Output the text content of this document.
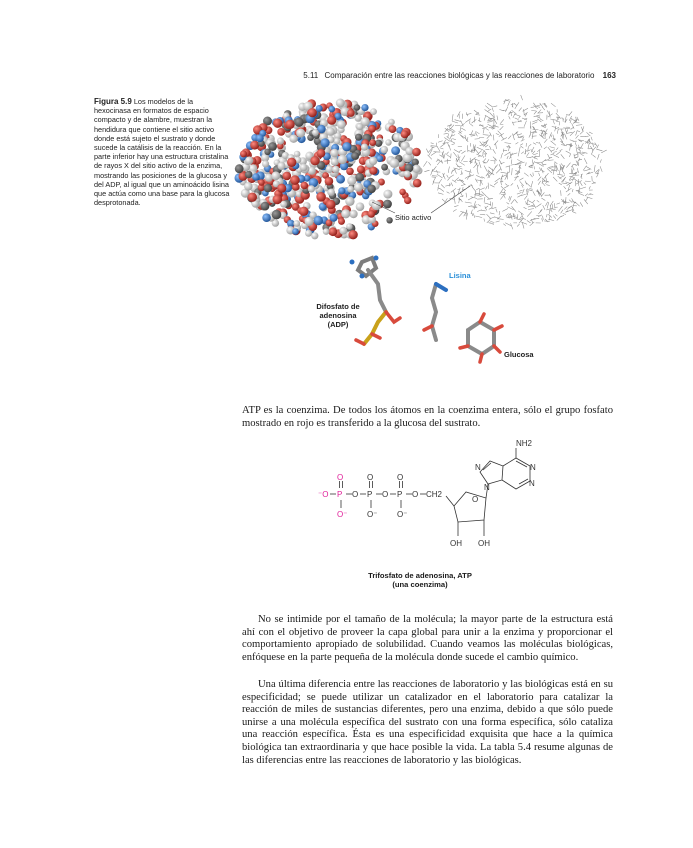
5.11 Comparación entre las reacciones biológicas y las reacciones de laboratorio 163
Figura 5.9 Los modelos de la hexocinasa en formatos de espacio compacto y de alambre, muestran la hendidura que contiene el sitio activo donde está sujeto el sustrato y donde sucede la catálisis de la reacción. En la parte inferior hay una estructura cristalina de rayos X del sitio activo de la enzima, mostrando las posiciones de la glucosa y del ADP, al igual que un aminoácido lisina que actúa como una base para la glucosa desprotonada.
Sitio activo
Difosfato de
adenosina
(ADP)
Lisina
Glucosa

ATP es la coenzima. De todos los átomos en la coenzima entera, sólo el grupo fosfato mostrado en rojo es transferido a la glucosa del sustrato.

NH2
N
N
N
N
O
CH2
OH OH
O P
O
O⁻
O P
O
O⁻
O
⁻O P
O
O⁻
Trifosfato de adenosina, ATP
(una coenzima)

No se intimide por el tamaño de la molécula; la mayor parte de la estructura está ahí con el objetivo de proveer la capa global para unir a la enzima y proporcionar el comportamiento apropiado de solubilidad. Cuando veamos las moléculas biológicas, enfóquese en la parte pequeña de la molécula donde sucede el cambio químico.

Una última diferencia entre las reacciones de laboratorio y las biológicas está en su especificidad; se puede utilizar un catalizador en el laboratorio para catalizar la reacción de miles de sustancias diferentes, pero una enzima, debido a que sólo puede unirse a una molécula específica del sustrato con una forma específica, sólo cataliza una reacción específica. Ésta es una especificidad exquisita que hace a la química biológica tan extraordinaria y que hace posible la vida. La tabla 5.4 resume algunas de las diferencias entre las reacciones de laboratorio y las biológicas.
